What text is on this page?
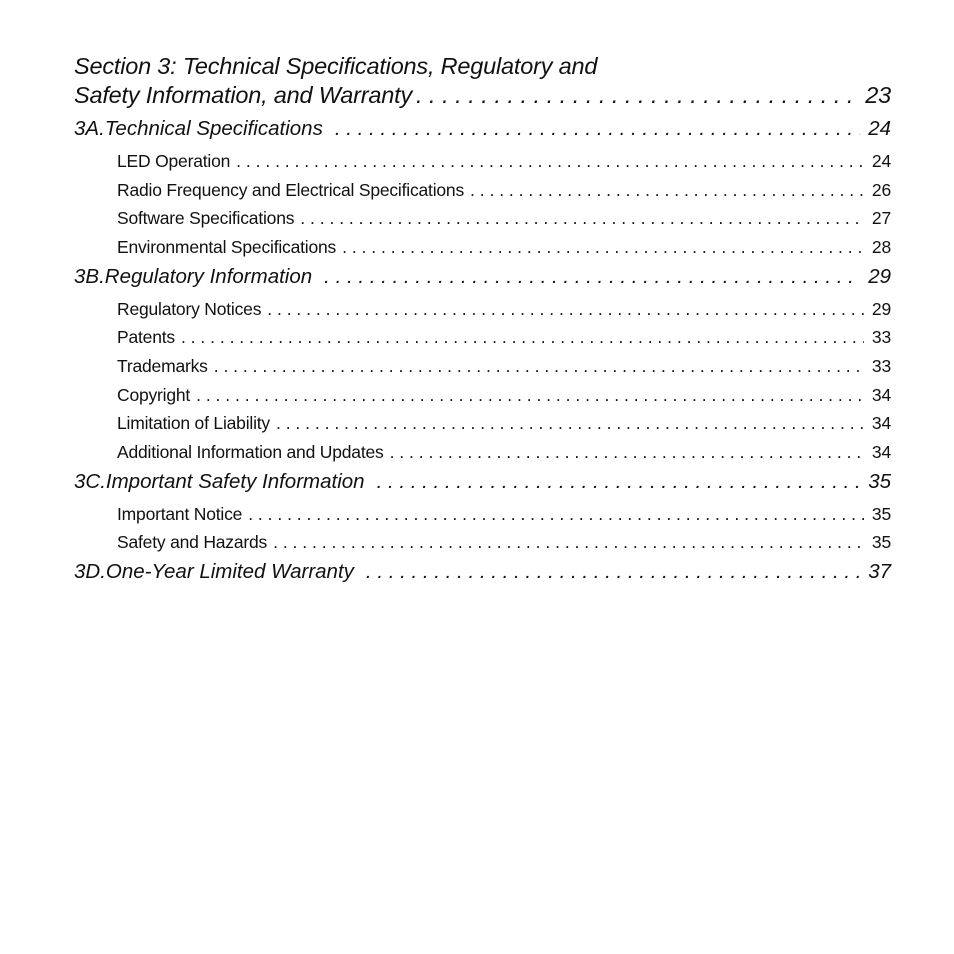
Section 3: Technical Specifications, Regulatory and
Safety Information, and Warranty . . .	23
3A. Technical Specifications . . .	24
LED Operation . . .	24
Radio Frequency and Electrical Specifications . . .	26
Software Specifications . . .	27
Environmental Specifications . . .	28
3B. Regulatory Information . . .	29
Regulatory Notices . . .	29
Patents . . .	33
Trademarks . . .	33
Copyright . . .	34
Limitation of Liability . . .	34
Additional Information and Updates . . .	34
3C. Important Safety Information . . .	35
Important Notice . . .	35
Safety and Hazards . . .	35
3D. One-Year Limited Warranty . . .	37
